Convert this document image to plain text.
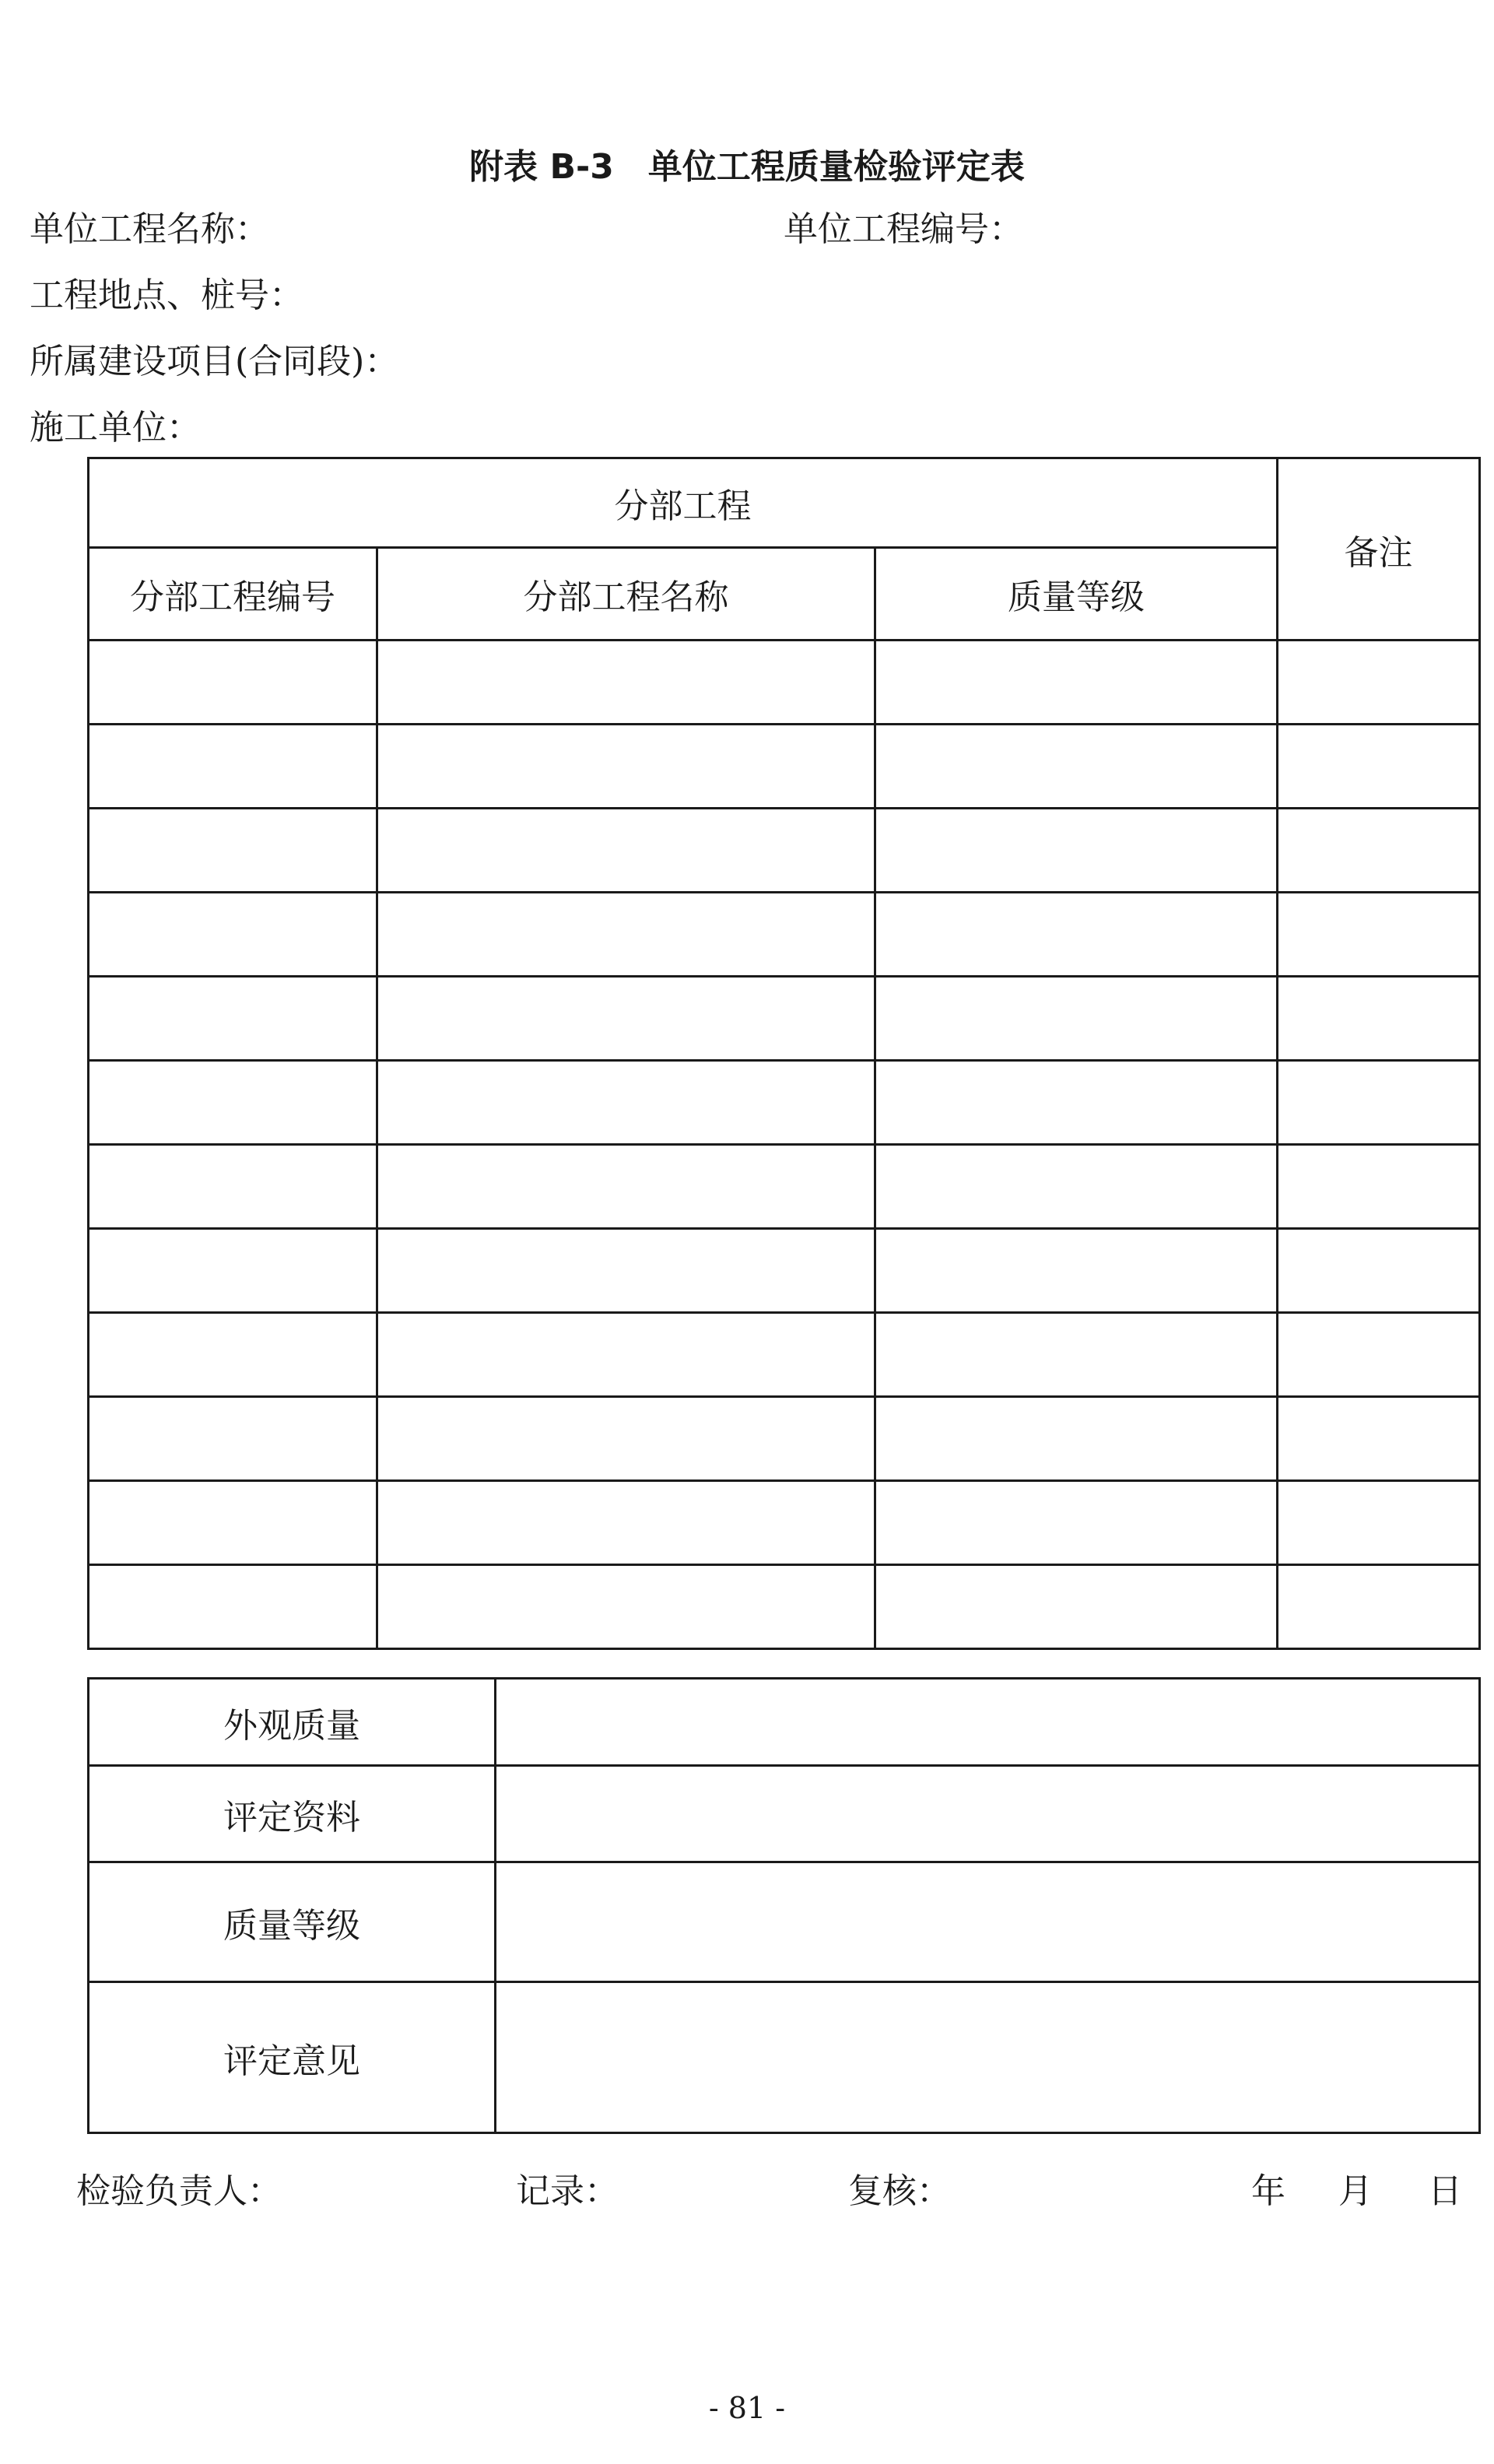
附表 B-3　单位工程质量检验评定表
单位工程名称：	单位工程编号：
工程地点、桩号：
所属建设项目(合同段)：
施工单位：
分部工程			备注
分部工程编号	分部工程名称	质量等级	

外观质量	
评定资料	
质量等级	
评定意见	
检验负责人：	记录：	复核：	年 月 日
- 81 -
